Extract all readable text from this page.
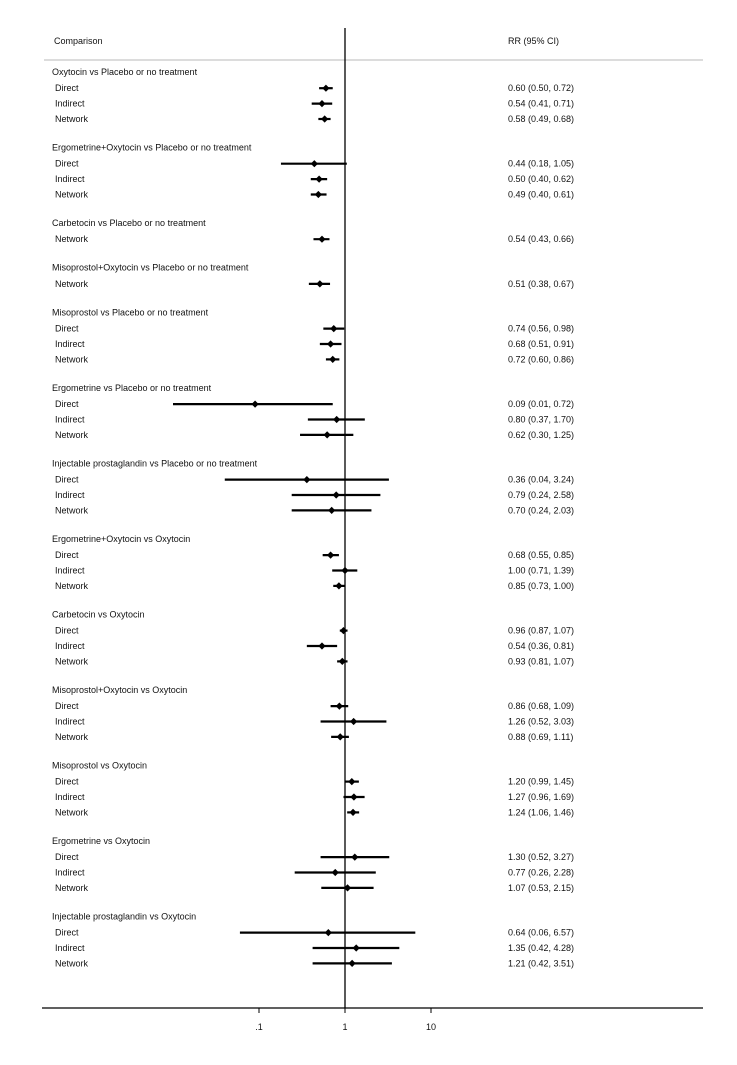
Comparison	RR (95% CI)
Oxytocin vs Placebo or no treatment
Direct	0.60 (0.50, 0.72)
Indirect	0.54 (0.41, 0.71)
Network	0.58 (0.49, 0.68)
Ergometrine+Oxytocin vs Placebo or no treatment
Direct	0.44 (0.18, 1.05)
Indirect	0.50 (0.40, 0.62)
Network	0.49 (0.40, 0.61)
Carbetocin vs Placebo or no treatment
Network	0.54 (0.43, 0.66)
Misoprostol+Oxytocin vs Placebo or no treatment
Network	0.51 (0.38, 0.67)
Misoprostol vs Placebo or no treatment
Direct	0.74 (0.56, 0.98)
Indirect	0.68 (0.51, 0.91)
Network	0.72 (0.60, 0.86)
Ergometrine vs Placebo or no treatment
Direct	0.09 (0.01, 0.72)
Indirect	0.80 (0.37, 1.70)
Network	0.62 (0.30, 1.25)
Injectable prostaglandin vs Placebo or no treatment
Direct	0.36 (0.04, 3.24)
Indirect	0.79 (0.24, 2.58)
Network	0.70 (0.24, 2.03)
Ergometrine+Oxytocin vs Oxytocin
Direct	0.68 (0.55, 0.85)
Indirect	1.00 (0.71, 1.39)
Network	0.85 (0.73, 1.00)
Carbetocin vs Oxytocin
Direct	0.96 (0.87, 1.07)
Indirect	0.54 (0.36, 0.81)
Network	0.93 (0.81, 1.07)
Misoprostol+Oxytocin vs Oxytocin
Direct	0.86 (0.68, 1.09)
Indirect	1.26 (0.52, 3.03)
Network	0.88 (0.69, 1.11)
Misoprostol vs Oxytocin
Direct	1.20 (0.99, 1.45)
Indirect	1.27 (0.96, 1.69)
Network	1.24 (1.06, 1.46)
Ergometrine vs Oxytocin
Direct	1.30 (0.52, 3.27)
Indirect	0.77 (0.26, 2.28)
Network	1.07 (0.53, 2.15)
Injectable prostaglandin vs Oxytocin
Direct	0.64 (0.06, 6.57)
Indirect	1.35 (0.42, 4.28)
Network	1.21 (0.42, 3.51)
.1	1	10
